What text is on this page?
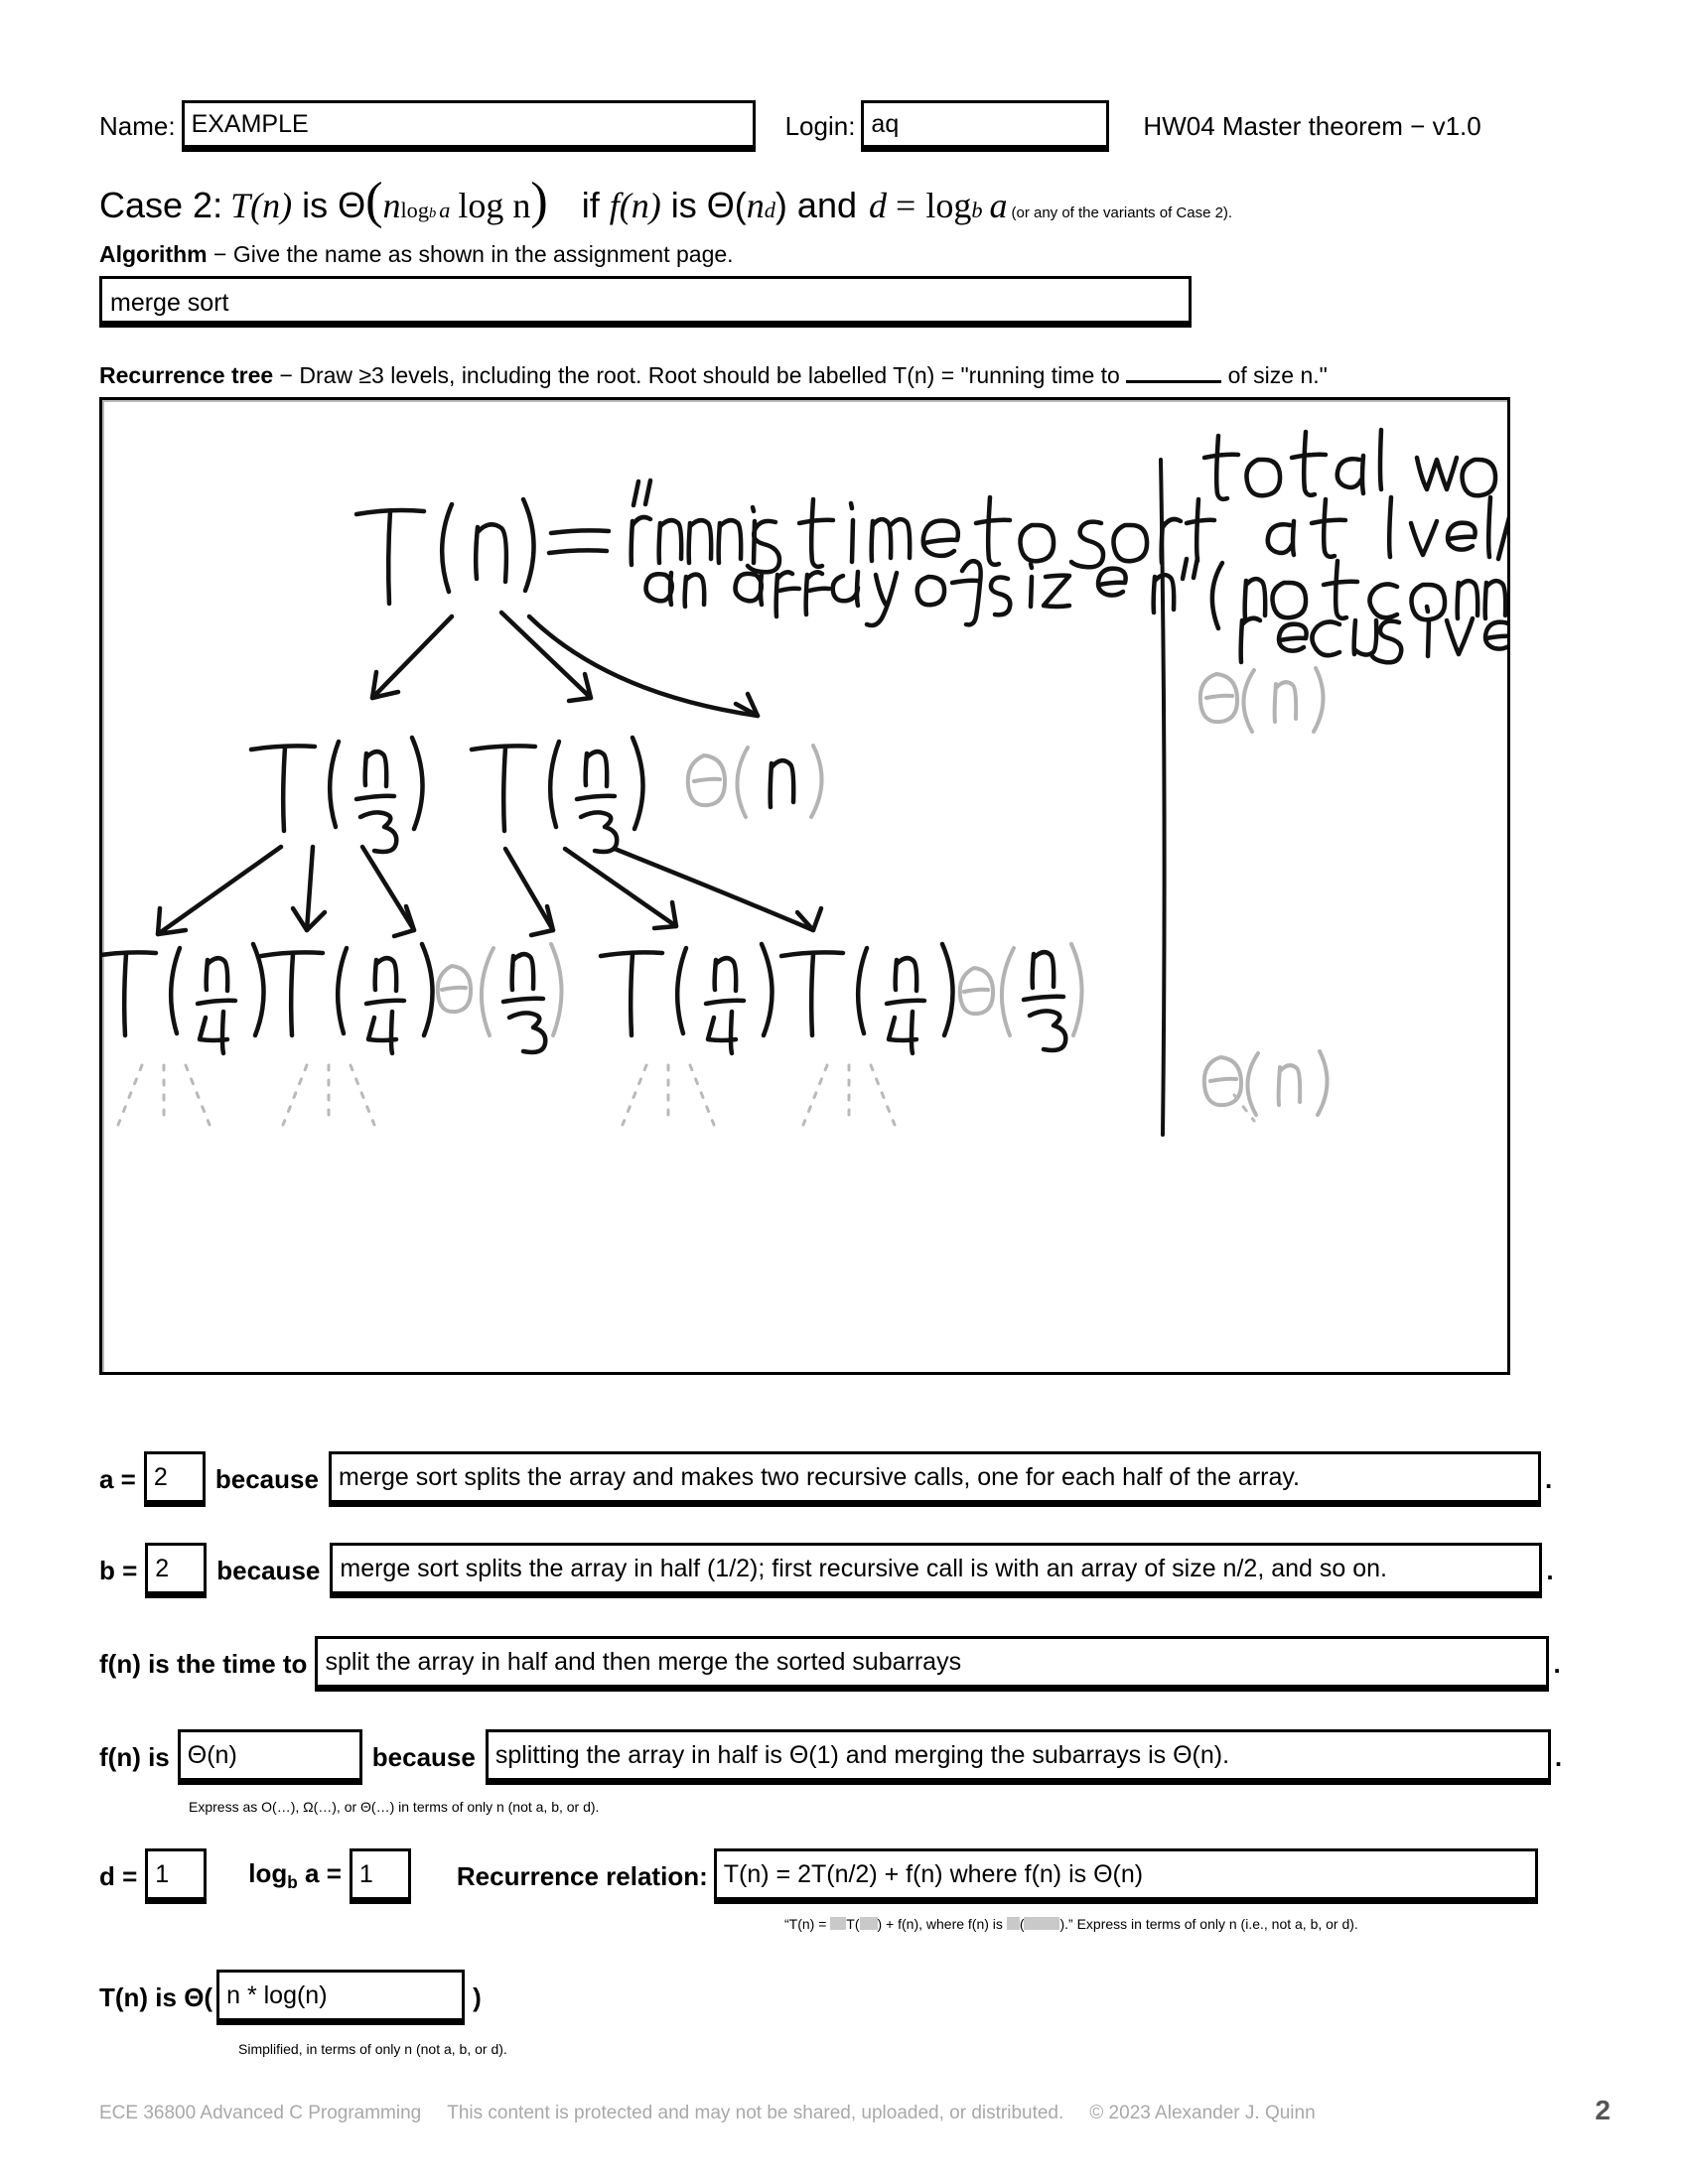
Name: EXAMPLE	Login: aq	HW04 Master theorem − v1.0
Case 2: T(n) is Θ ( n log b a log n ) if f(n) is Θ ( n d ) and d = log b a (or any of the variants of Case 2).
Algorithm − Give the name as shown in the assignment page.
merge sort
Recurrence tree − Draw ≥3 levels, including the root. Root should be labelled T(n) = "running time to	of size n."
a = 2 because merge sort splits the array and makes two recursive calls, one for each half of the array.	.
b = 2 because merge sort splits the array in half (1/2); first recursive call is with an array of size n/2, and so on.	.
f(n) is the time to split the array in half and then merge the sorted subarrays	.
f(n) is Θ(n)	because splitting the array in half is Θ(1) and merging the subarrays is Θ(n).	.
Express as O(…), Ω(…), or Θ(…) in terms of only n (not a, b, or d).
d = 1	$\log_b a = 1$	Recurrence relation: T(n) = 2T(n/2) + f(n) where f(n) is Θ(n)
“T(n) = T( ) + f(n), where f(n) is (	).” Express in terms of only n (i.e., not a, b, or d).
T(n) is Θ( n * log(n)	)
Simplified, in terms of only n (not a, b, or d).
ECE 36800 Advanced C Programming This content is protected and may not be shared, uploaded, or distributed. © 2023 Alexander J. Quinn	2
